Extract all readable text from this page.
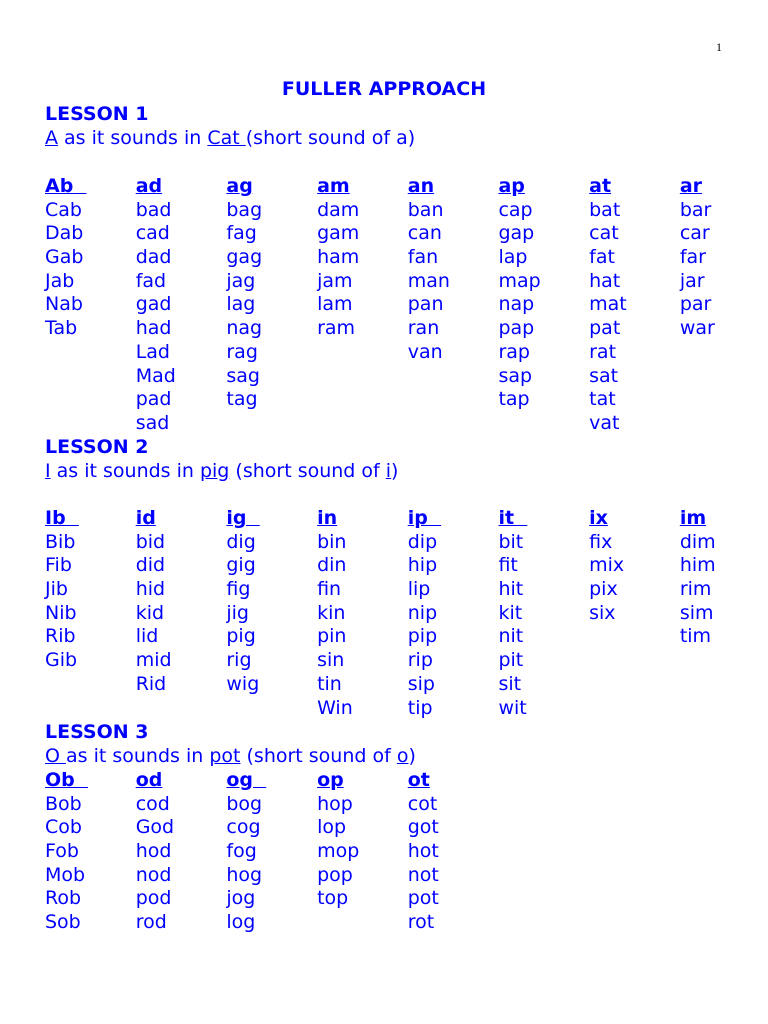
1
FULLER APPROACH
LESSON 1
A as it sounds in Cat (short sound of a)
Ab
Cab
Dab
Gab
Jab
Nab
Tab
ad
bad
cad
dad
fad
gad
had
Lad
Mad
pad
sad
ag
bag
fag
gag
jag
lag
nag
rag
sag
tag
am
dam
gam
ham
jam
lam
ram
an
ban
can
fan
man
pan
ran
van
ap
cap
gap
lap
map
nap
pap
rap
sap
tap
at
bat
cat
fat
hat
mat
pat
rat
sat
tat
vat
ar
bar
car
far
jar
par
war
LESSON 2
I as it sounds in pig (short sound of i)
Ib
Bib
Fib
Jib
Nib
Rib
Gib
id
bid
did
hid
kid
lid
mid
Rid
ig
dig
gig
fig
jig
pig
rig
wig
in
bin
din
fin
kin
pin
sin
tin
Win
ip
dip
hip
lip
nip
pip
rip
sip
tip
it
bit
fit
hit
kit
nit
pit
sit
wit
ix
fix
mix
pix
six
im
dim
him
rim
sim
tim
LESSON 3
O as it sounds in pot (short sound of o)
Ob
Bob
Cob
Fob
Mob
Rob
Sob
od
cod
God
hod
nod
pod
rod
og
bog
cog
fog
hog
jog
log
op
hop
lop
mop
pop
top
ot
cot
got
hot
not
pot
rot
